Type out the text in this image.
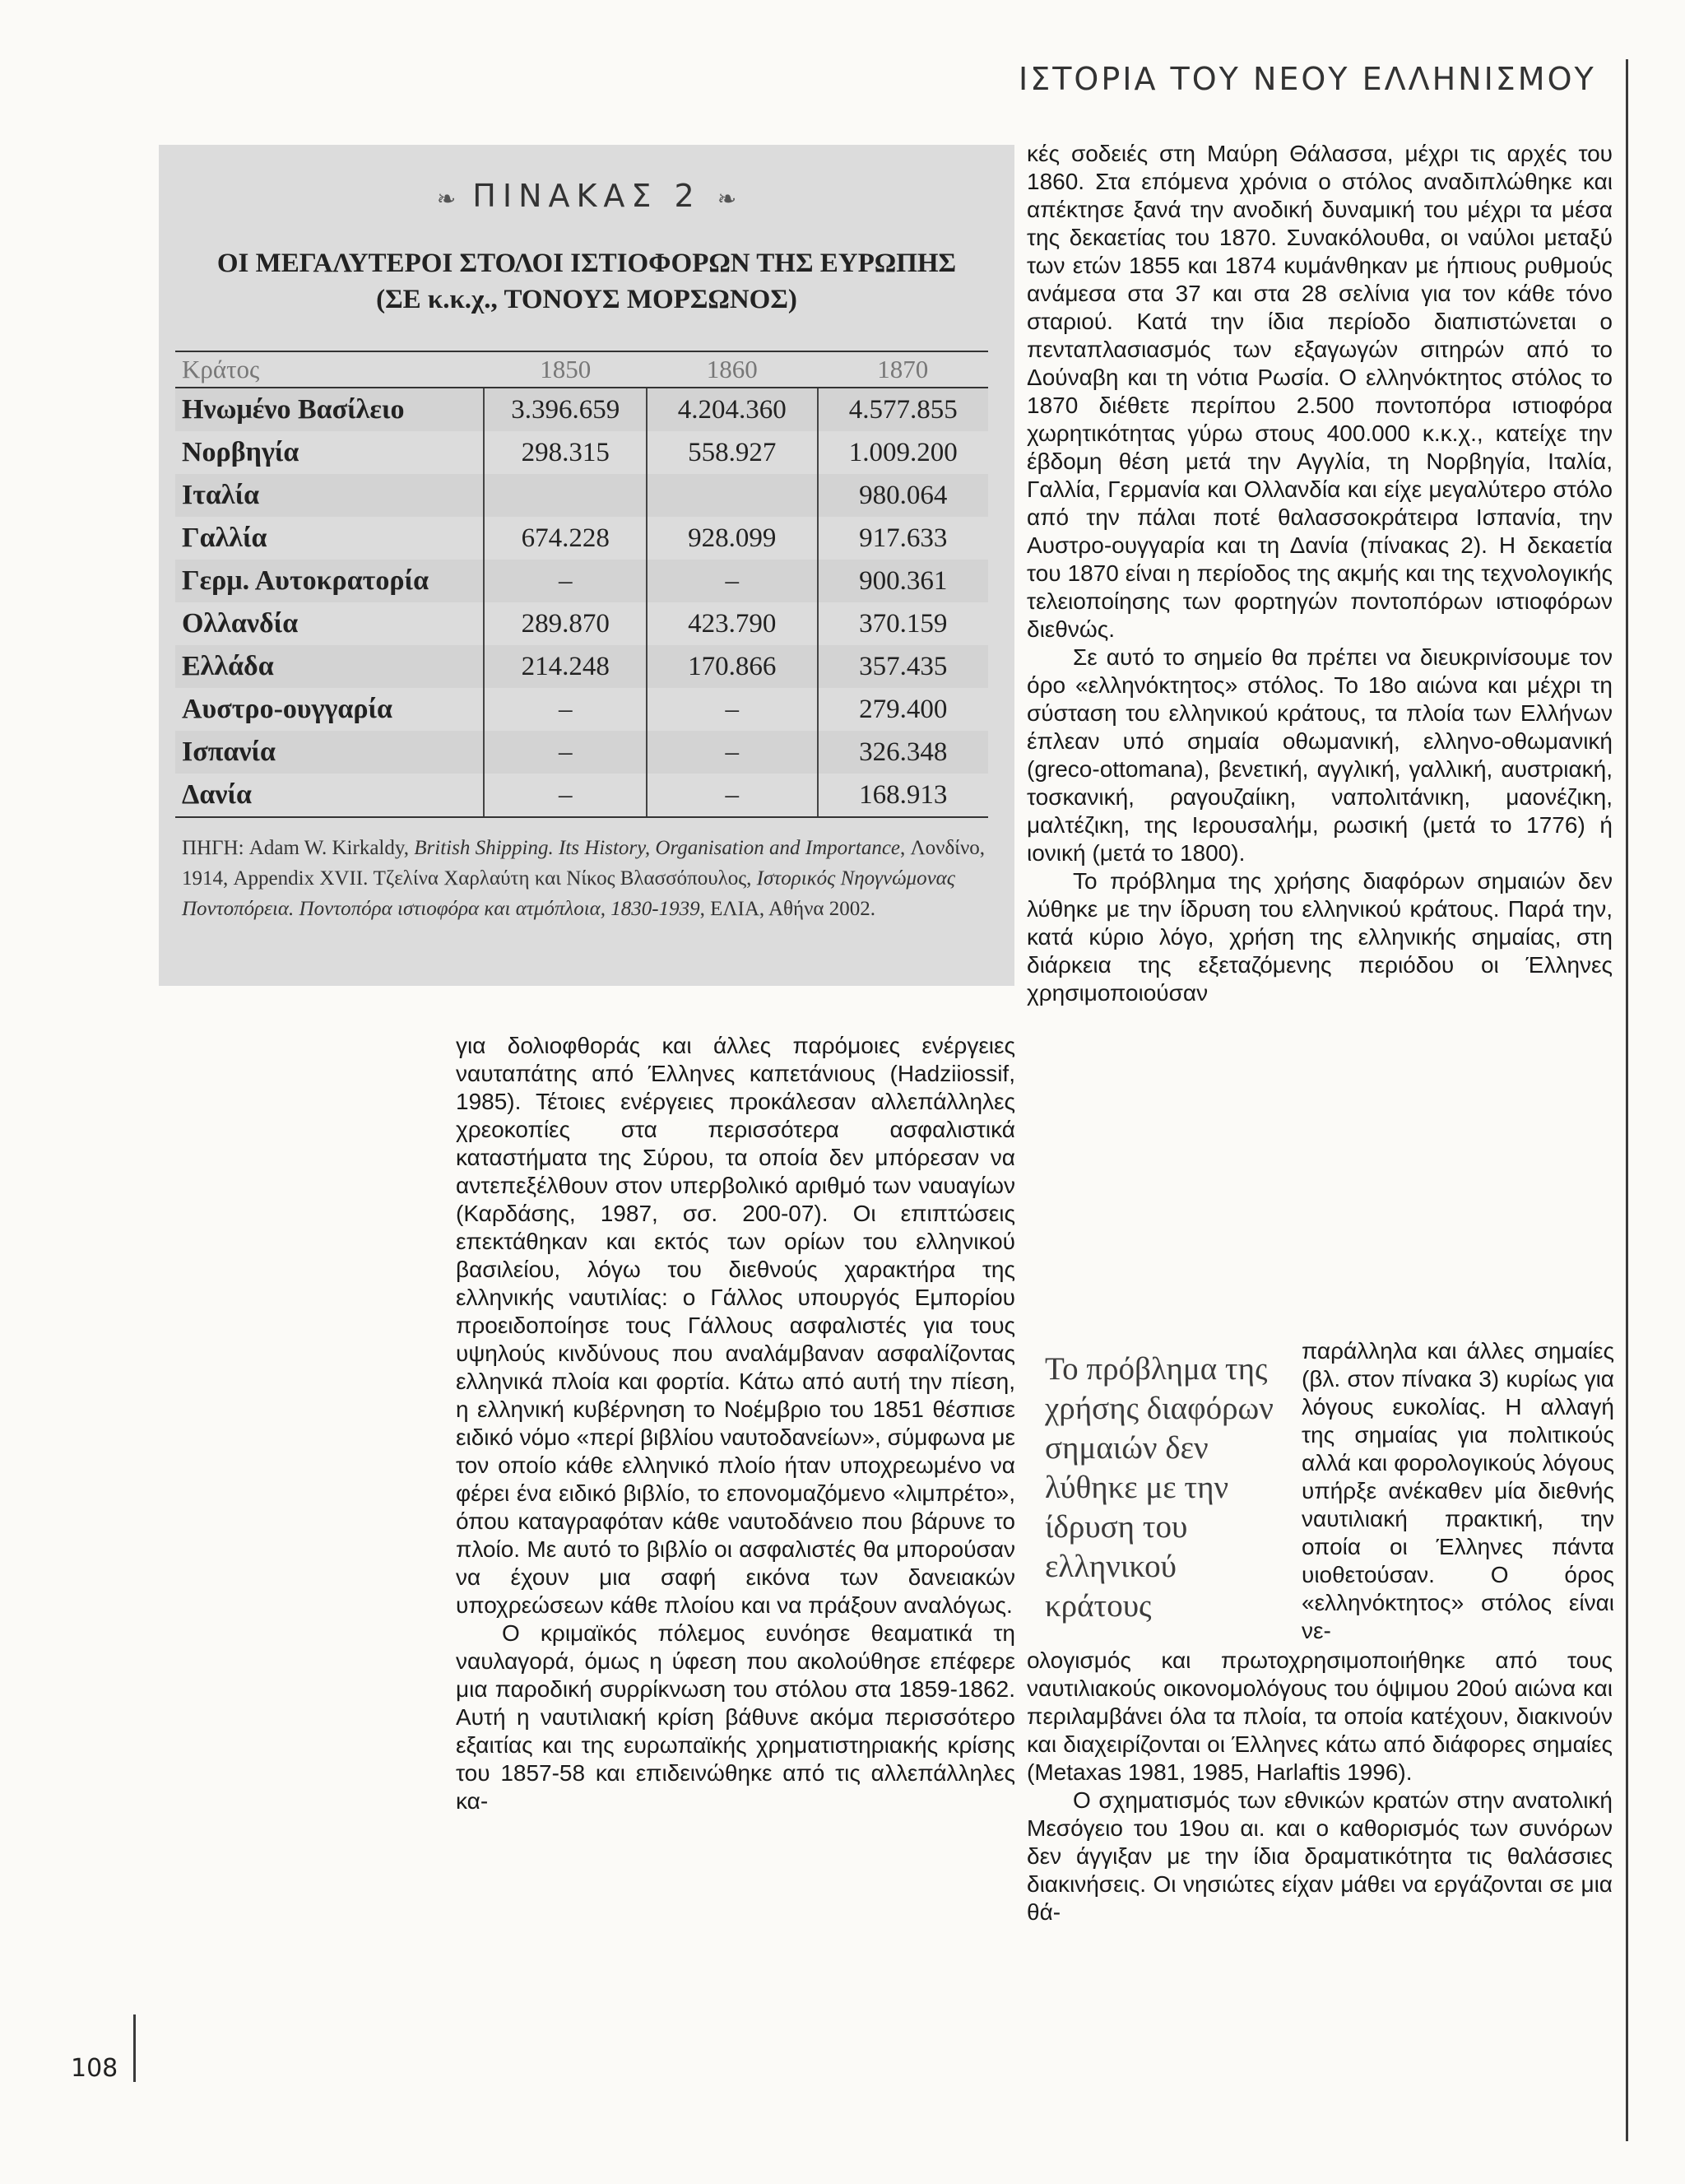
ΙΣΤΟΡΙΑ ΤΟΥ ΝΕΟΥ ΕΛΛΗΝΙΣΜΟΥ
108
❧ ΠΙΝΑΚΑΣ 2 ❧
ΟΙ ΜΕΓΑΛΥΤΕΡΟΙ ΣΤΟΛΟΙ ΙΣΤΙΟΦΟΡΩΝ ΤΗΣ ΕΥΡΩΠΗΣ
(ΣΕ κ.κ.χ., ΤΟΝΟΥΣ ΜΟΡΣΩΝΟΣ)
Κράτος	1850	1860	1870
Ηνωμένο Βασίλειο	3.396.659	4.204.360	4.577.855
Νορβηγία	298.315	558.927	1.009.200
Ιταλία			980.064
Γαλλία	674.228	928.099	917.633
Γερμ. Αυτοκρατορία	–	–	900.361
Ολλανδία	289.870	423.790	370.159
Ελλάδα	214.248	170.866	357.435
Αυστρο-ουγγαρία	–	–	279.400
Ισπανία	–	–	326.348
Δανία	–	–	168.913
ΠΗΓΗ: Adam W. Kirkaldy, British Shipping. Its History, Organisation and Importance, Λονδίνο, 1914, Appendix XVII. Τζελίνα Χαρλαύτη και Νίκος Βλασσόπουλος, Ιστορικός Νηογνώμονας Ποντοπόρεια. Ποντοπόρα ιστιοφόρα και ατμόπλοια, 1830-1939, ΕΛΙΑ, Αθήνα 2002.

για δολιοφθοράς και άλλες παρόμοιες ενέργειες ναυταπάτης από Έλληνες καπετάνιους (Hadziiossif, 1985). Τέτοιες ενέργειες προκάλεσαν αλλεπάλληλες χρεοκοπίες στα περισσότερα ασφαλιστικά καταστήματα της Σύρου, τα οποία δεν μπόρεσαν να αντεπεξέλθουν στον υπερβολικό αριθμό των ναυαγίων (Καρδάσης, 1987, σσ. 200-07). Οι επιπτώσεις επεκτάθηκαν και εκτός των ορίων του ελληνικού βασιλείου, λόγω του διεθνούς χαρακτήρα της ελληνικής ναυτιλίας: ο Γάλλος υπουργός Εμπορίου προειδοποίησε τους Γάλλους ασφαλιστές για τους υψηλούς κινδύνους που αναλάμβαναν ασφαλίζοντας ελληνικά πλοία και φορτία. Κάτω από αυτή την πίεση, η ελληνική κυβέρνηση το Νοέμβριο του 1851 θέσπισε ειδικό νόμο «περί βιβλίου ναυτοδανείων», σύμφωνα με τον οποίο κάθε ελληνικό πλοίο ήταν υποχρεωμένο να φέρει ένα ειδικό βιβλίο, το επονομαζόμενο «λιμπρέτο», όπου καταγραφόταν κάθε ναυτοδάνειο που βάρυνε το πλοίο. Με αυτό το βιβλίο οι ασφαλιστές θα μπορούσαν να έχουν μια σαφή εικόνα των δανειακών υποχρεώσεων κάθε πλοίου και να πράξουν αναλόγως.

Ο κριμαϊκός πόλεμος ευνόησε θεαματικά τη ναυλαγορά, όμως η ύφεση που ακολούθησε επέφερε μια παροδική συρρίκνωση του στόλου στα 1859-1862. Αυτή η ναυτιλιακή κρίση βάθυνε ακόμα περισσότερο εξαιτίας και της ευρωπαϊκής χρηματιστηριακής κρίσης του 1857-58 και επιδεινώθηκε από τις αλλεπάλληλες κα-

κές σοδειές στη Μαύρη Θάλασσα, μέχρι τις αρχές του 1860. Στα επόμενα χρόνια ο στόλος αναδιπλώθηκε και απέκτησε ξανά την ανοδική δυναμική του μέχρι τα μέσα της δεκαετίας του 1870. Συνακόλουθα, οι ναύλοι μεταξύ των ετών 1855 και 1874 κυμάνθηκαν με ήπιους ρυθμούς ανάμεσα στα 37 και στα 28 σελίνια για τον κάθε τόνο σταριού. Κατά την ίδια περίοδο διαπιστώνεται ο πενταπλασιασμός των εξαγωγών σιτηρών από το Δούναβη και τη νότια Ρωσία. Ο ελληνόκτητος στόλος το 1870 διέθετε περίπου 2.500 ποντοπόρα ιστιοφόρα χωρητικότητας γύρω στους 400.000 κ.κ.χ., κατείχε την έβδομη θέση μετά την Αγγλία, τη Νορβηγία, Ιταλία, Γαλλία, Γερμανία και Ολλανδία και είχε μεγαλύτερο στόλο από την πάλαι ποτέ θαλασσοκράτειρα Ισπανία, την Αυστρο-ουγγαρία και τη Δανία (πίνακας 2). Η δεκαετία του 1870 είναι η περίοδος της ακμής και της τεχνολογικής τελειοποίησης των φορτηγών ποντοπόρων ιστιοφόρων διεθνώς.

Σε αυτό το σημείο θα πρέπει να διευκρινίσουμε τον όρο «ελληνόκτητος» στόλος. Το 18ο αιώνα και μέχρι τη σύσταση του ελληνικού κράτους, τα πλοία των Ελλήνων έπλεαν υπό σημαία οθωμανική, ελληνο-οθωμανική (greco-ottomana), βενετική, αγγλική, γαλλική, αυστριακή, τοσκανική, ραγουζαίικη, ναπολιτάνικη, μαονέζικη, μαλτέζικη, της Ιερουσαλήμ, ρωσική (μετά το 1776) ή ιονική (μετά το 1800).

Το πρόβλημα της χρήσης διαφόρων σημαιών δεν λύθηκε με την ίδρυση του ελληνικού κράτους. Παρά την, κατά κύριο λόγο, χρήση της ελληνικής σημαίας, στη διάρκεια της εξεταζόμενης περιόδου οι Έλληνες χρησιμοποιούσαν

Το πρόβλημα της χρήσης διαφόρων σημαιών δεν λύθηκε με την ίδρυση του ελληνικού κράτους

παράλληλα και άλλες σημαίες (βλ. στον πίνακα 3) κυρίως για λόγους ευκολίας. Η αλλαγή της σημαίας για πολιτικούς αλλά και φορολογικούς λόγους υπήρξε ανέκαθεν μία διεθνής ναυτιλιακή πρακτική, την οποία οι Έλληνες πάντα υιοθετούσαν. Ο όρος «ελληνόκτητος» στόλος είναι νε-

ολογισμός και πρωτοχρησιμοποιήθηκε από τους ναυτιλιακούς οικονομολόγους του όψιμου 20ού αιώνα και περιλαμβάνει όλα τα πλοία, τα οποία κατέχουν, διακινούν και διαχειρίζονται οι Έλληνες κάτω από διάφορες σημαίες (Metaxas 1981, 1985, Harlaftis 1996).

Ο σχηματισμός των εθνικών κρατών στην ανατολική Μεσόγειο του 19ου αι. και ο καθορισμός των συνόρων δεν άγγιξαν με την ίδια δραματικότητα τις θαλάσσιες διακινήσεις. Οι νησιώτες είχαν μάθει να εργάζονται σε μια θά-
